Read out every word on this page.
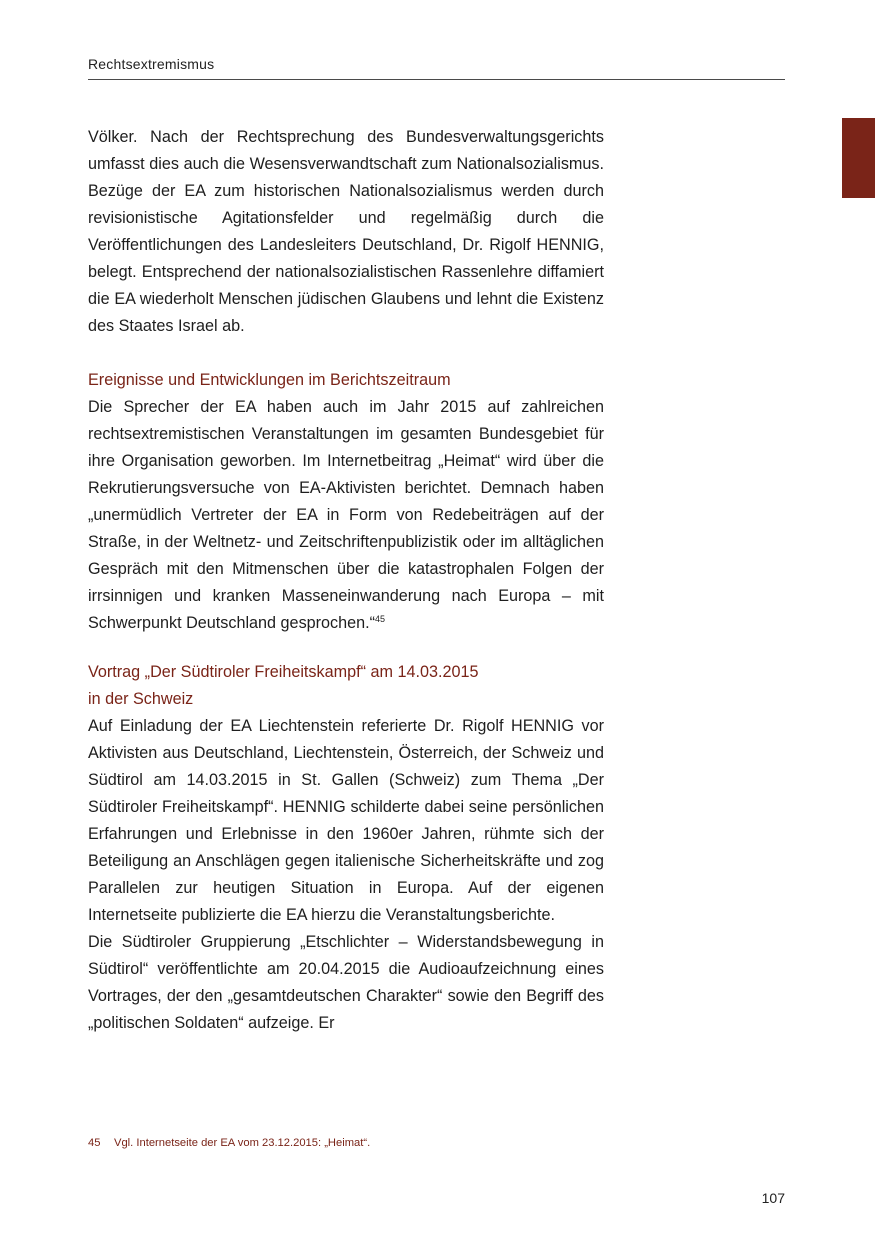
Rechtsextremismus

Völker. Nach der Rechtsprechung des Bundesverwaltungsgerichts umfasst dies auch die Wesensverwandtschaft zum Nationalsozialismus. Bezüge der EA zum historischen Nationalsozialismus werden durch revisionistische Agitationsfelder und regelmäßig durch die Veröffentlichungen des Landesleiters Deutschland, Dr. Rigolf HENNIG, belegt. Entsprechend der nationalsozialistischen Rassenlehre diffamiert die EA wiederholt Menschen jüdischen Glaubens und lehnt die Existenz des Staates Israel ab.

Ereignisse und Entwicklungen im Berichtszeitraum

Die Sprecher der EA haben auch im Jahr 2015 auf zahlreichen rechtsextremistischen Veranstaltungen im gesamten Bundesgebiet für ihre Organisation geworben. Im Internetbeitrag „Heimat“ wird über die Rekrutierungsversuche von EA-Aktivisten berichtet. Demnach haben „unermüdlich Vertreter der EA in Form von Redebeiträgen auf der Straße, in der Weltnetz- und Zeitschriftenpublizistik oder im alltäglichen Gespräch mit den Mitmenschen über die katastrophalen Folgen der irrsinnigen und kranken Masseneinwanderung nach Europa – mit Schwerpunkt Deutschland gesprochen.“$^{45}$

Vortrag „Der Südtiroler Freiheitskampf“ am 14.03.2015
in der Schweiz

Auf Einladung der EA Liechtenstein referierte Dr. Rigolf HENNIG vor Aktivisten aus Deutschland, Liechtenstein, Österreich, der Schweiz und Südtirol am 14.03.2015 in St. Gallen (Schweiz) zum Thema „Der Südtiroler Freiheitskampf“. HENNIG schilderte dabei seine persönlichen Erfahrungen und Erlebnisse in den 1960er Jahren, rühmte sich der Beteiligung an Anschlägen gegen italienische Sicherheitskräfte und zog Parallelen zur heutigen Situation in Europa. Auf der eigenen Internetseite publizierte die EA hierzu die Veranstaltungsberichte.

Die Südtiroler Gruppierung „Etschlichter – Widerstandsbewegung in Südtirol“ veröffentlichte am 20.04.2015 die Audioaufzeichnung eines Vortrages, der den „gesamtdeutschen Charakter“ sowie den Begriff des „politischen Soldaten“ aufzeige. Er

45 Vgl. Internetseite der EA vom 23.12.2015: „Heimat“.
107
